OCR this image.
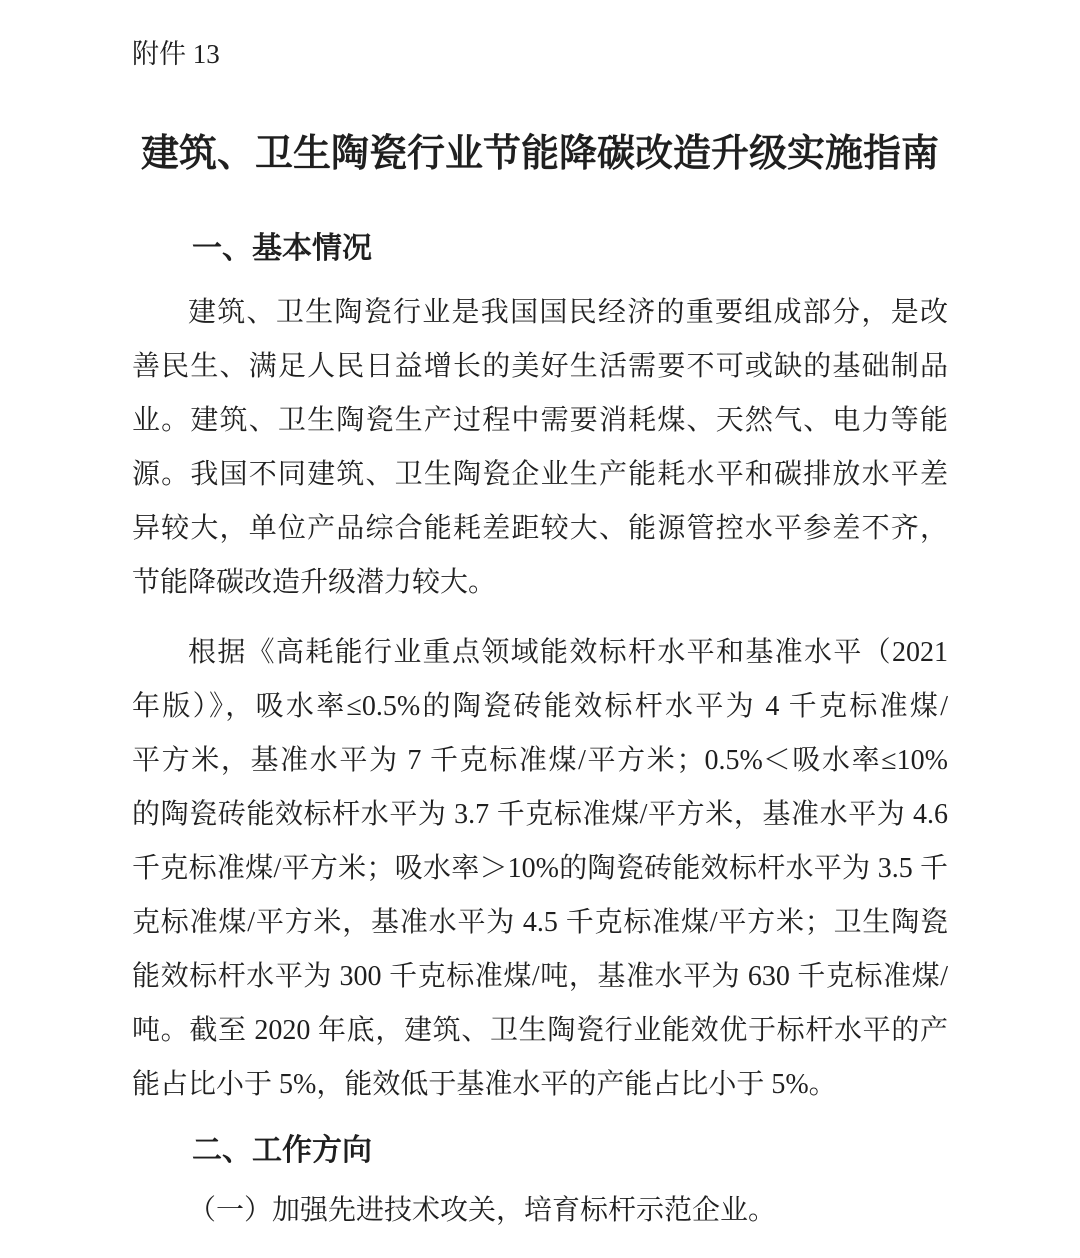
附件 13
建筑、卫生陶瓷行业节能降碳改造升级实施指南
一、基本情况
建筑、卫生陶瓷行业是我国国民经济的重要组成部分，是改
善民生、满足人民日益增长的美好生活需要不可或缺的基础制品
业。建筑、卫生陶瓷生产过程中需要消耗煤、天然气、电力等能
源。我国不同建筑、卫生陶瓷企业生产能耗水平和碳排放水平差
异较大，单位产品综合能耗差距较大、能源管控水平参差不齐，
节能降碳改造升级潜力较大。
根据《高耗能行业重点领域能效标杆水平和基准水平（2021
年版）》，吸水率≤0.5%的陶瓷砖能效标杆水平为 4 千克标准煤/
平方米，基准水平为 7 千克标准煤/平方米；0.5%＜吸水率≤10%
的陶瓷砖能效标杆水平为 3.7 千克标准煤/平方米，基准水平为 4.6
千克标准煤/平方米；吸水率＞10%的陶瓷砖能效标杆水平为 3.5 千
克标准煤/平方米，基准水平为 4.5 千克标准煤/平方米；卫生陶瓷
能效标杆水平为 300 千克标准煤/吨，基准水平为 630 千克标准煤/
吨。截至 2020 年底，建筑、卫生陶瓷行业能效优于标杆水平的产
能占比小于 5%，能效低于基准水平的产能占比小于 5%。
二、工作方向
（一）加强先进技术攻关，培育标杆示范企业。
